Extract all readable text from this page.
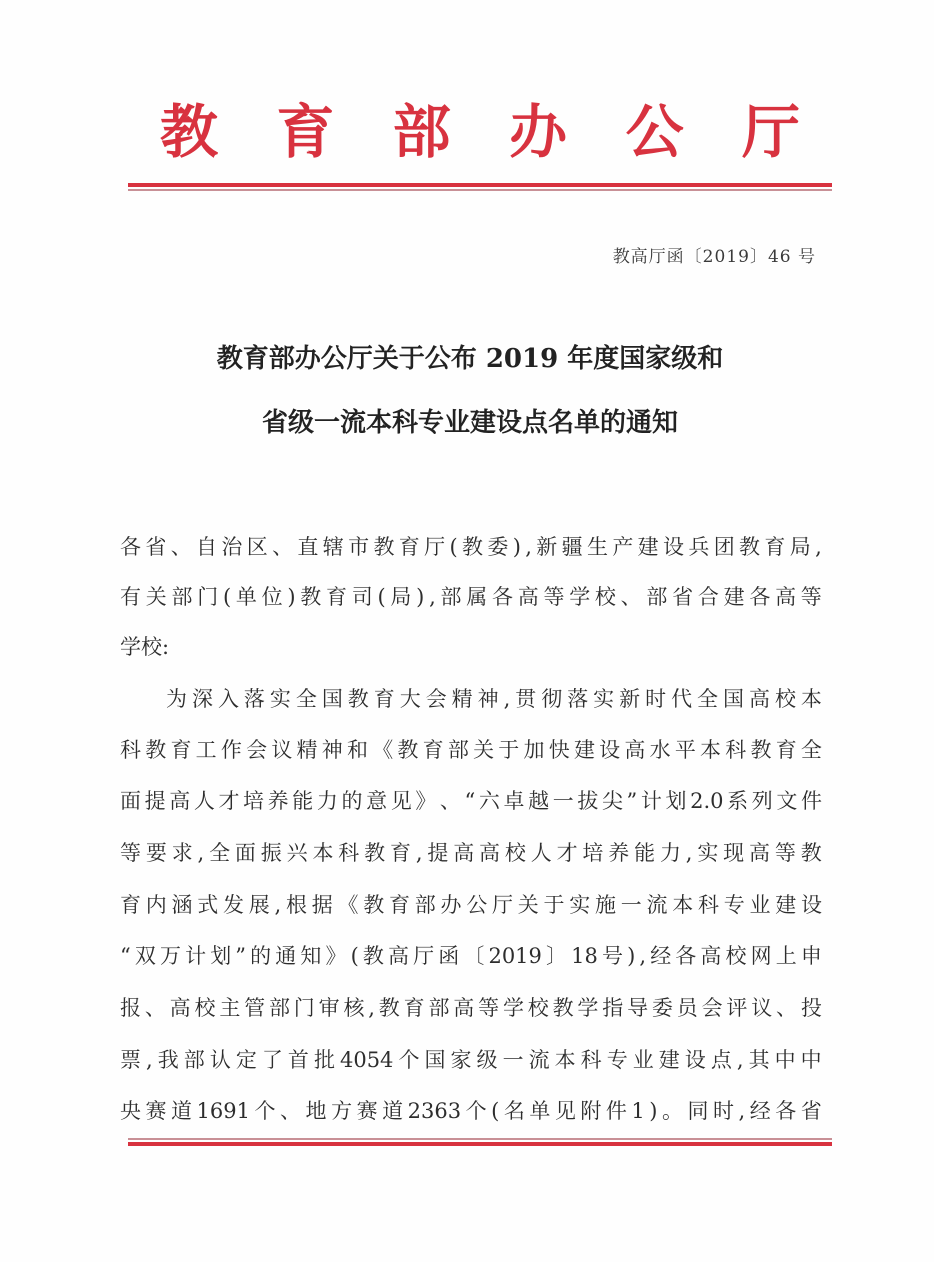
教 育 部 办 公 厅
教高厅函〔2019〕46 号
教育部办公厅关于公布 2019 年度国家级和
省级一流本科专业建设点名单的通知
各 省 、 自 治 区 、 直 辖 市 教 育 厅 ( 教 委 ) , 新 疆 生 产 建 设 兵 团 教 育 局 ,
有 关 部 门 ( 单 位 ) 教 育 司 ( 局 ) , 部 属 各 高 等 学 校 、 部 省 合 建 各 高 等
学校:
为 深 入 落 实 全 国 教 育 大 会 精 神 , 贯 彻 落 实 新 时 代 全 国 高 校 本
科 教 育 工 作 会 议 精 神 和 《 教 育 部 关 于 加 快 建 设 高 水 平 本 科 教 育 全
面 提 高 人 才 培 养 能 力 的 意 见 》 、 “ 六 卓 越 一 拔 尖 ” 计 划 2.0 系 列 文 件
等 要 求 , 全 面 振 兴 本 科 教 育 , 提 高 高 校 人 才 培 养 能 力 , 实 现 高 等 教
育 内 涵 式 发 展 , 根 据 《 教 育 部 办 公 厅 关 于 实 施 一 流 本 科 专 业 建 设
“ 双 万 计 划 ” 的 通 知 》 ( 教 高 厅 函 〔 2019 〕 18 号 ) , 经 各 高 校 网 上 申
报 、 高 校 主 管 部 门 审 核 , 教 育 部 高 等 学 校 教 学 指 导 委 员 会 评 议 、 投
票 , 我 部 认 定 了 首 批 4054 个 国 家 级 一 流 本 科 专 业 建 设 点 , 其 中 中
央 赛 道 1691 个 、 地 方 赛 道 2363 个 ( 名 单 见 附 件 1 ) 。 同 时 , 经 各 省
